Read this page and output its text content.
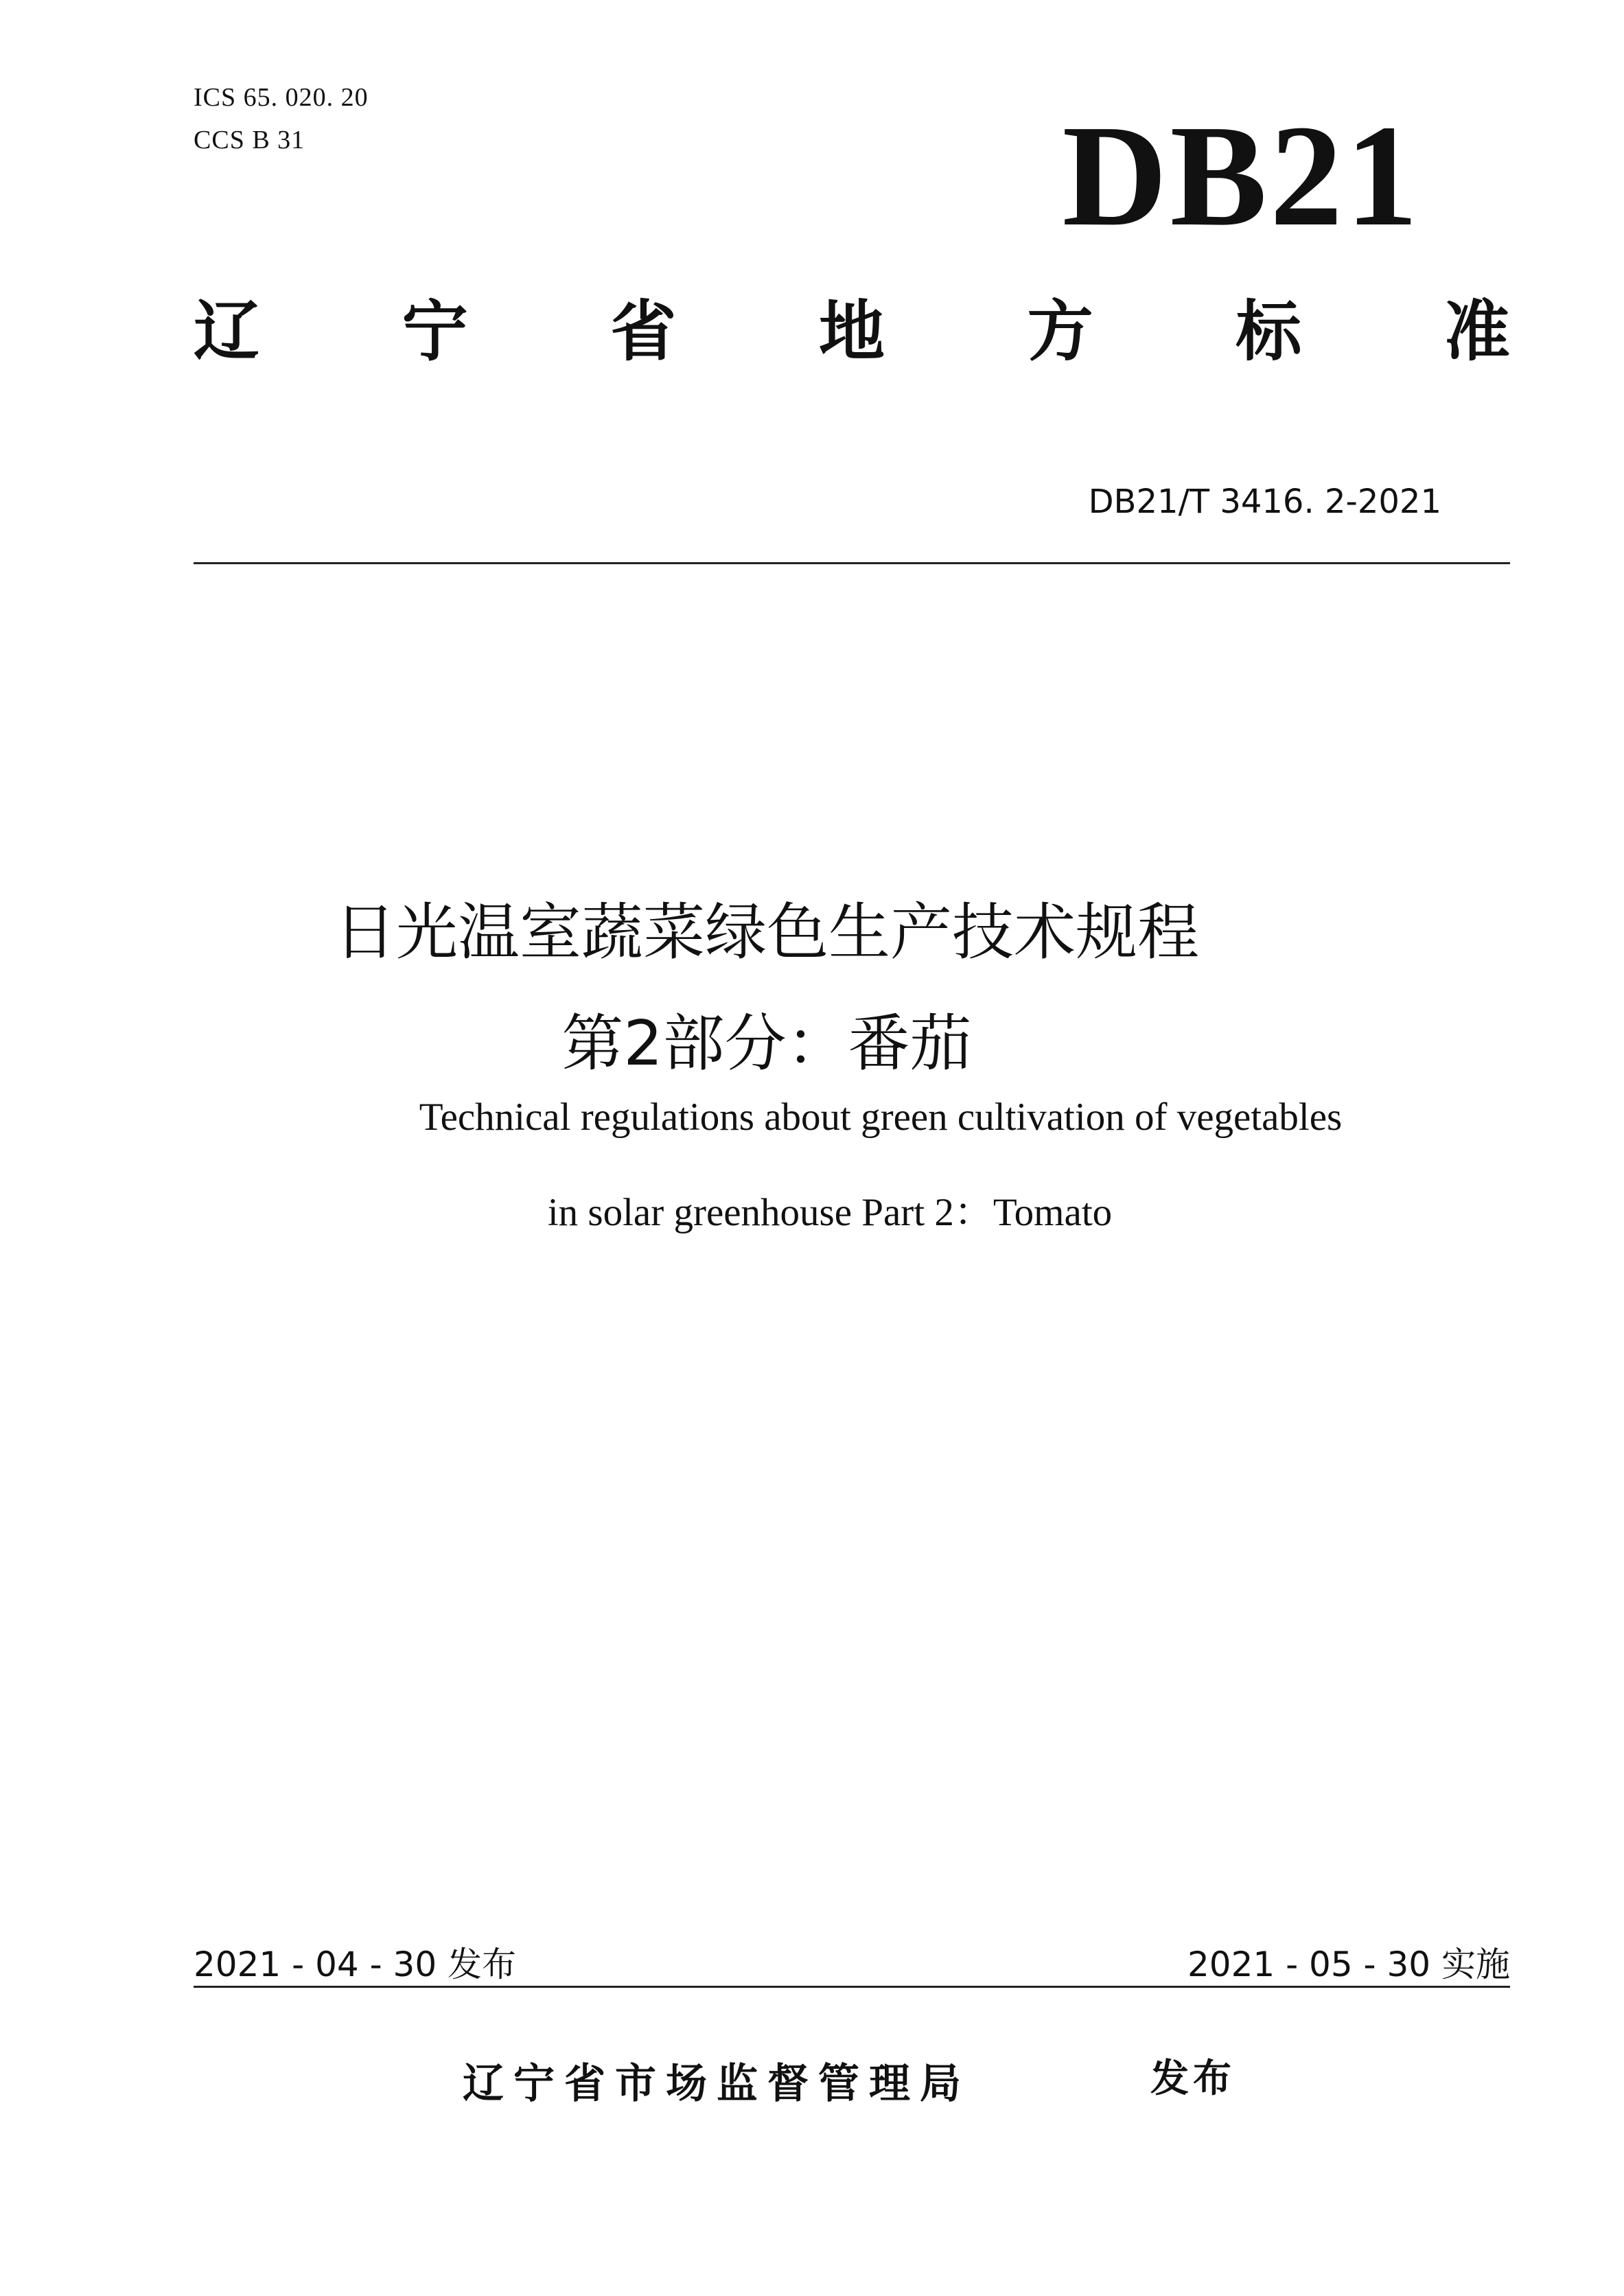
ICS 65. 020. 20
CCS B 31	DB21
辽 宁 省 地 方 标 准
DB21/T 3416. 2-2021
日光温室蔬菜绿色生产技术规程
第2部分：番茄
Technical regulations about green cultivation of vegetables
in solar greenhouse Part 2：Tomato
2021 - 04 - 30 发布	2021 - 05 - 30 实施
辽宁省市场监督管理局	发布
